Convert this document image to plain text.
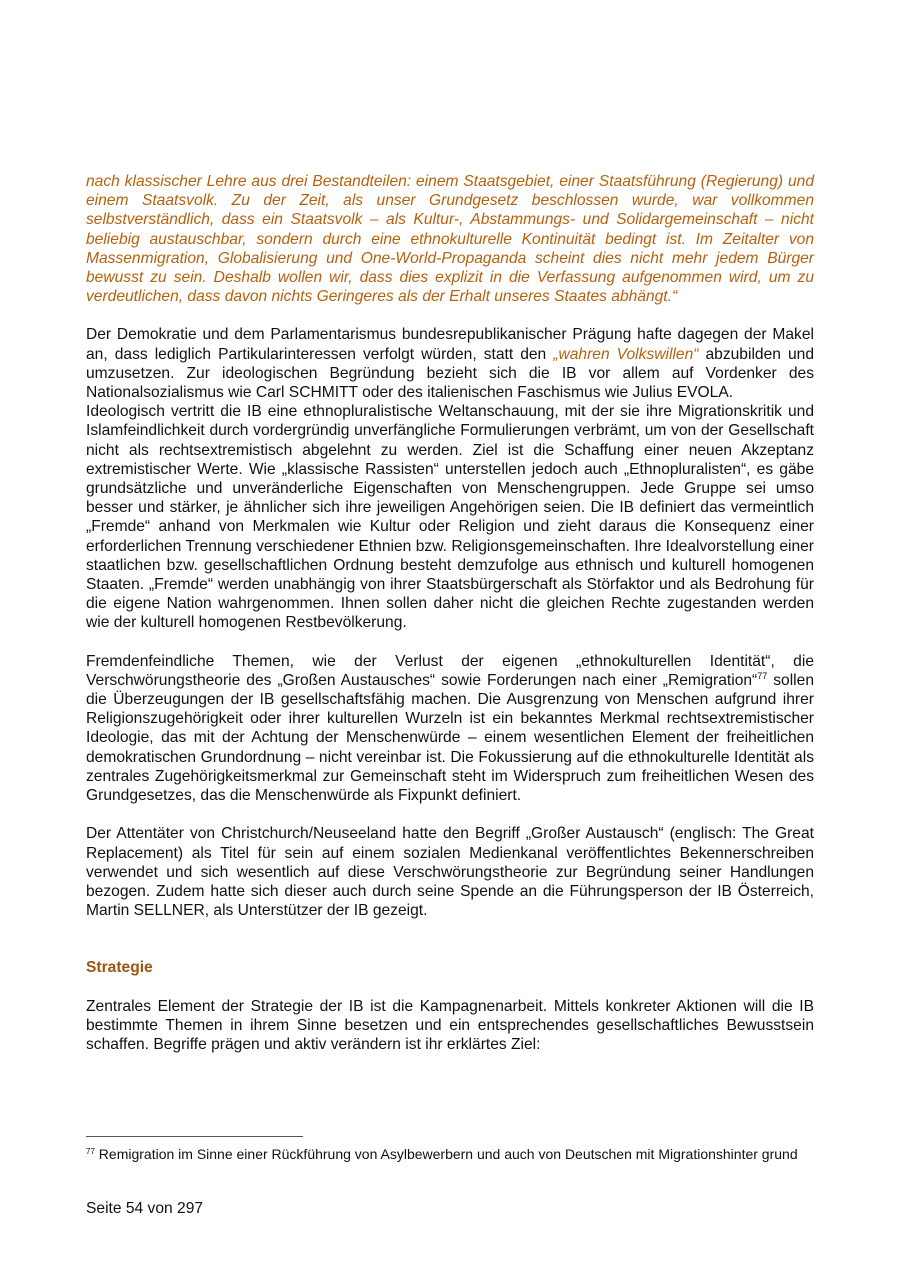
nach klassischer Lehre aus drei Bestandteilen: einem Staatsgebiet, einer Staatsführung (Regierung) und einem Staatsvolk. Zu der Zeit, als unser Grundgesetz beschlossen wurde, war vollkommen selbstverständlich, dass ein Staatsvolk – als Kultur-, Abstammungs- und Solidargemeinschaft – nicht beliebig austauschbar, sondern durch eine ethnokulturelle Kontinuität bedingt ist. Im Zeitalter von Massenmigration, Globalisierung und One-World-Propaganda scheint dies nicht mehr jedem Bürger bewusst zu sein. Deshalb wollen wir, dass dies explizit in die Verfassung aufgenommen wird, um zu verdeutlichen, dass davon nichts Geringeres als der Erhalt unseres Staates abhängt.“

Der Demokratie und dem Parlamentarismus bundesrepublikanischer Prägung hafte dagegen der Makel an, dass lediglich Partikularinteressen verfolgt würden, statt den „wahren Volkswillen“ abzubilden und umzusetzen. Zur ideologischen Begründung bezieht sich die IB vor allem auf Vordenker des Nationalsozialismus wie Carl SCHMITT oder des italienischen Faschismus wie Julius EVOLA.

Ideologisch vertritt die IB eine ethnopluralistische Weltanschauung, mit der sie ihre Migrationskritik und Islamfeindlichkeit durch vordergründig unverfängliche Formulierungen verbrämt, um von der Gesellschaft nicht als rechtsextremistisch abgelehnt zu werden. Ziel ist die Schaffung einer neuen Akzeptanz extremistischer Werte. Wie „klassische Rassisten“ unterstellen jedoch auch „Ethnopluralisten“, es gäbe grundsätzliche und unveränderliche Eigenschaften von Menschengruppen. Jede Gruppe sei umso besser und stärker, je ähnlicher sich ihre jeweiligen Angehörigen seien. Die IB definiert das vermeintlich „Fremde“ anhand von Merkmalen wie Kultur oder Religion und zieht daraus die Konsequenz einer erforderlichen Trennung verschiedener Ethnien bzw. Religionsgemeinschaften. Ihre Idealvorstellung einer staatlichen bzw. gesellschaftlichen Ordnung besteht demzufolge aus ethnisch und kulturell homogenen Staaten. „Fremde“ werden unabhängig von ihrer Staatsbürgerschaft als Störfaktor und als Bedrohung für die eigene Nation wahrgenommen. Ihnen sollen daher nicht die gleichen Rechte zugestanden werden wie der kulturell homogenen Restbevölkerung.

Fremdenfeindliche Themen, wie der Verlust der eigenen „ethnokulturellen Identität“, die Verschwörungstheorie des „Großen Austausches“ sowie Forderungen nach einer „Remigration“$^{77}$ sollen die Überzeugungen der IB gesellschaftsfähig machen. Die Ausgrenzung von Menschen aufgrund ihrer Religionszugehörigkeit oder ihrer kulturellen Wurzeln ist ein bekanntes Merkmal rechtsextremistischer Ideologie, das mit der Achtung der Menschenwürde – einem wesentlichen Element der freiheitlichen demokratischen Grundordnung – nicht vereinbar ist. Die Fokussierung auf die ethnokulturelle Identität als zentrales Zugehörigkeitsmerkmal zur Gemeinschaft steht im Widerspruch zum freiheitlichen Wesen des Grundgesetzes, das die Menschenwürde als Fixpunkt definiert.

Der Attentäter von Christchurch/Neuseeland hatte den Begriff „Großer Austausch“ (englisch: The Great Replacement) als Titel für sein auf einem sozialen Medienkanal veröffentlichtes Bekennerschreiben verwendet und sich wesentlich auf diese Verschwörungstheorie zur Begründung seiner Handlungen bezogen. Zudem hatte sich dieser auch durch seine Spende an die Führungsperson der IB Österreich, Martin SELLNER, als Unterstützer der IB gezeigt.

Strategie

Zentrales Element der Strategie der IB ist die Kampagnenarbeit. Mittels konkreter Aktionen will die IB bestimmte Themen in ihrem Sinne besetzen und ein entsprechendes gesellschaftliches Bewusstsein schaffen. Begriffe prägen und aktiv verändern ist ihr erklärtes Ziel:

$^{77}$ Remigration im Sinne einer Rückführung von Asylbewerbern und auch von Deutschen mit Migrationshinter grund
Seite 54 von 297
